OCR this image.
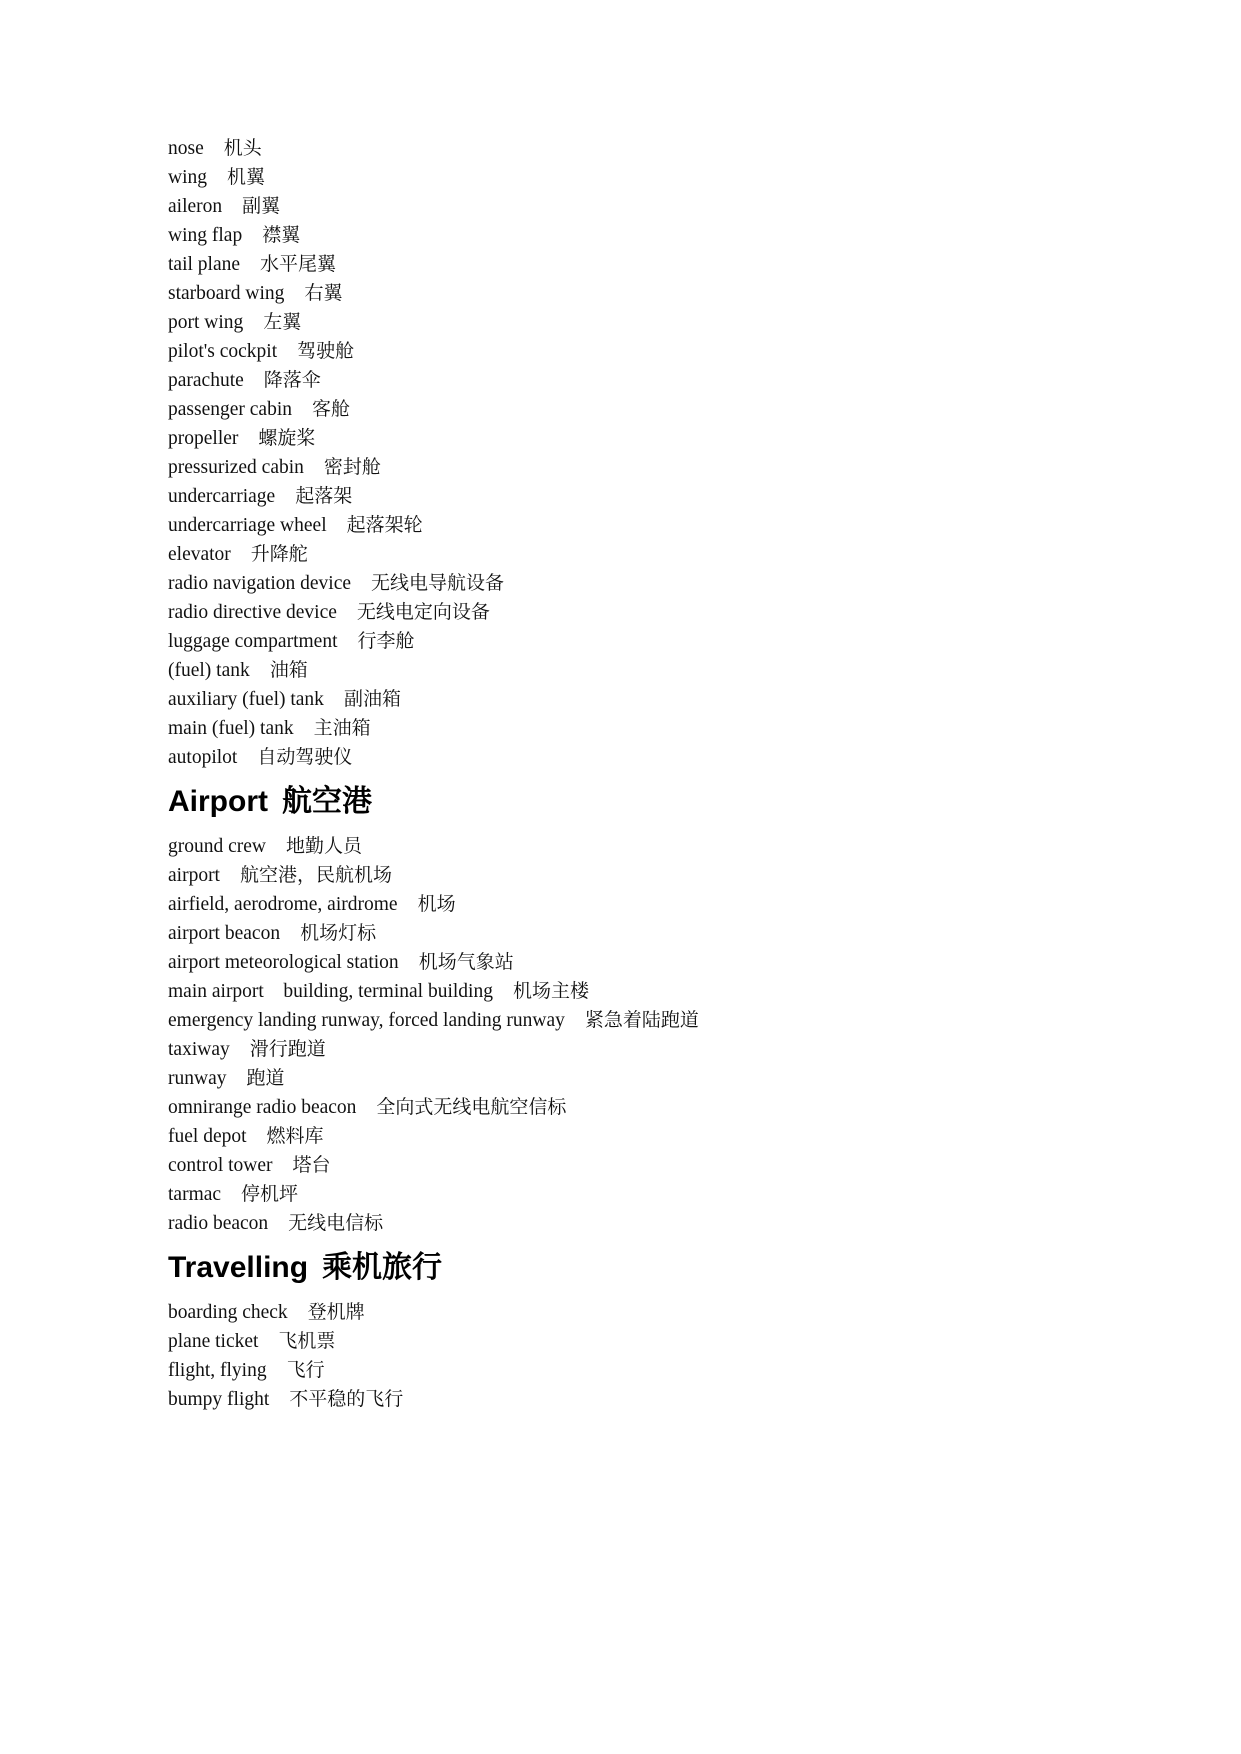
nose 机头
wing 机翼
aileron 副翼
wing flap 襟翼
tail plane 水平尾翼
starboard wing 右翼
port wing 左翼
pilot's cockpit 驾驶舱
parachute 降落伞
passenger cabin 客舱
propeller 螺旋桨
pressurized cabin 密封舱
undercarriage 起落架
undercarriage wheel 起落架轮
elevator 升降舵
radio navigation device 无线电导航设备
radio directive device 无线电定向设备
luggage compartment 行李舱
(fuel) tank 油箱
auxiliary (fuel) tank 副油箱
main (fuel) tank 主油箱
autopilot 自动驾驶仪
Airport 航空港
ground crew 地勤人员
airport 航空港，民航机场
airfield, aerodrome, airdrome 机场
airport beacon 机场灯标
airport meteorological station 机场气象站
main airport    building, terminal building 机场主楼
emergency landing runway, forced landing runway 紧急着陆跑道
taxiway 滑行跑道
runway 跑道
omnirange radio beacon 全向式无线电航空信标
fuel depot 燃料库
control tower 塔台
tarmac 停机坪
radio beacon 无线电信标
Travelling 乘机旅行
boarding check 登机牌
plane ticket 飞机票
flight, flying 飞行
bumpy flight 不平稳的飞行
